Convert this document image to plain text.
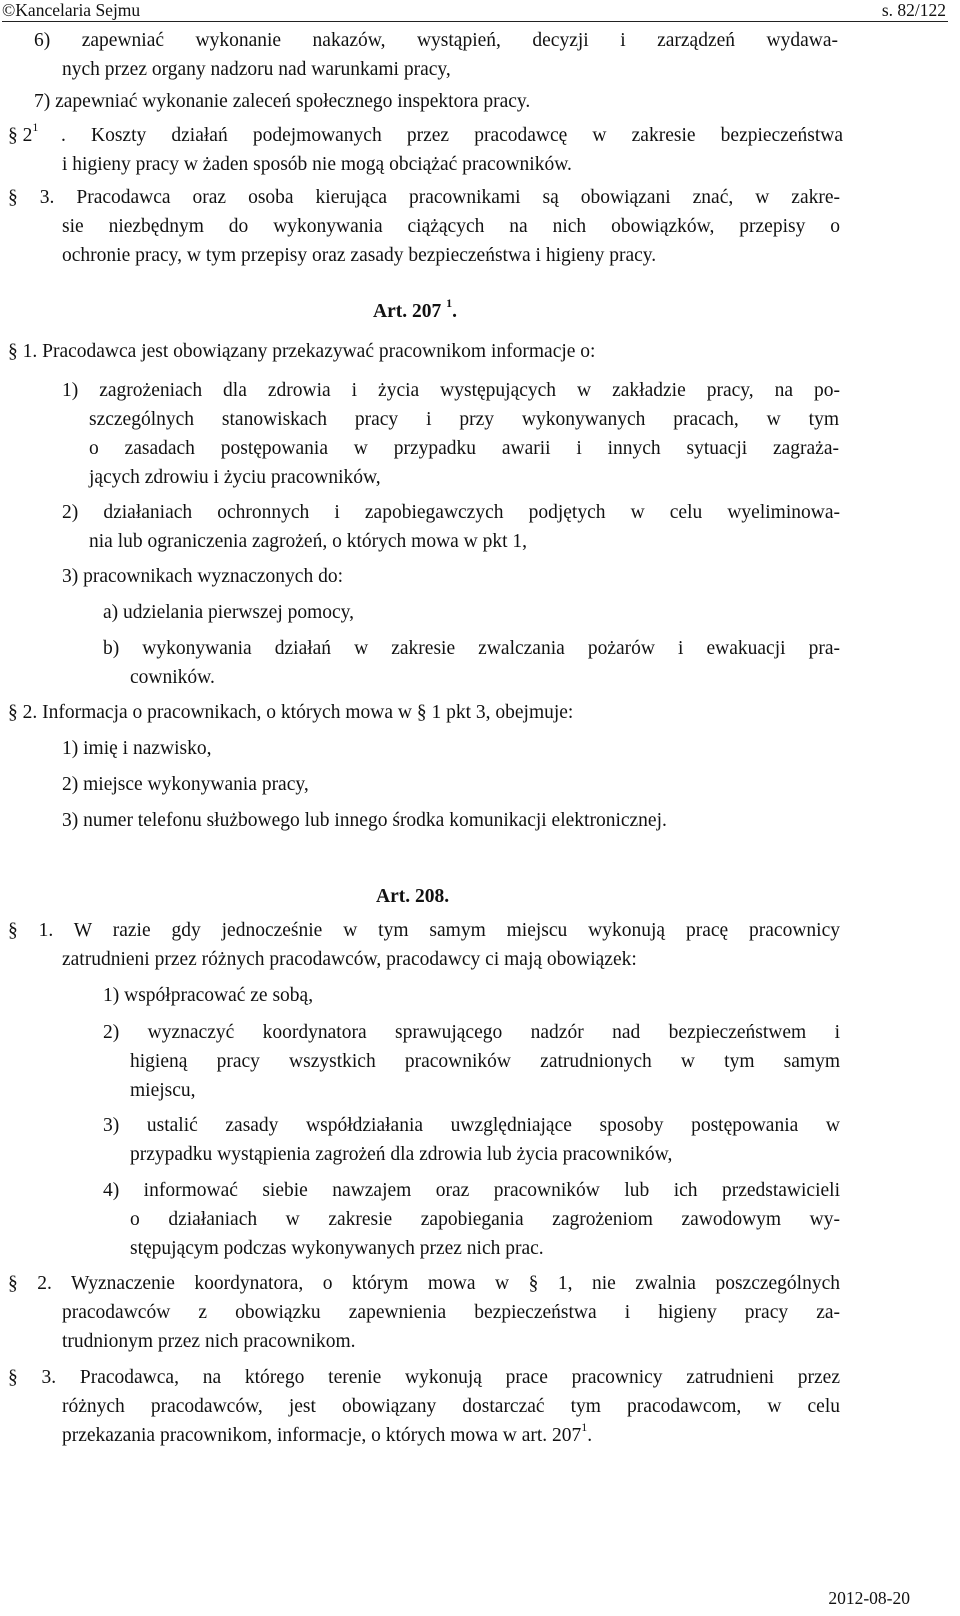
©Kancelaria Sejmu	s. 82/122
6) zapewniać wykonanie nakazów, wystąpień, decyzji i zarządzeń wydawa-
nych przez organy nadzoru nad warunkami pracy,
7) zapewniać wykonanie zaleceń społecznego inspektora pracy.
§ $2^1$ . Koszty działań podejmowanych przez pracodawcę w zakresie bezpieczeństwa
i higieny pracy w żaden sposób nie mogą obciążać pracowników.
§ 3. Pracodawca oraz osoba kierująca pracownikami są obowiązani znać, w zakre-
sie niezbędnym do wykonywania ciążących na nich obowiązków, przepisy o
ochronie pracy, w tym przepisy oraz zasady bezpieczeństwa i higieny pracy.
Art. 207 $^1$.
§ 1. Pracodawca jest obowiązany przekazywać pracownikom informacje o:
1) zagrożeniach dla zdrowia i życia występujących w zakładzie pracy, na po-
szczególnych stanowiskach pracy i przy wykonywanych pracach, w tym
o zasadach postępowania w przypadku awarii i innych sytuacji zagraża-
jących zdrowiu i życiu pracowników,
2) działaniach ochronnych i zapobiegawczych podjętych w celu wyeliminowa-
nia lub ograniczenia zagrożeń, o których mowa w pkt 1,
3) pracownikach wyznaczonych do:
a) udzielania pierwszej pomocy,
b) wykonywania działań w zakresie zwalczania pożarów i ewakuacji pra-
cowników.
§ 2. Informacja o pracownikach, o których mowa w § 1 pkt 3, obejmuje:
1) imię i nazwisko,
2) miejsce wykonywania pracy,
3) numer telefonu służbowego lub innego środka komunikacji elektronicznej.
Art. 208.
§ 1. W razie gdy jednocześnie w tym samym miejscu wykonują pracę pracownicy
zatrudnieni przez różnych pracodawców, pracodawcy ci mają obowiązek:
1) współpracować ze sobą,
2) wyznaczyć koordynatora sprawującego nadzór nad bezpieczeństwem i
higieną pracy wszystkich pracowników zatrudnionych w tym samym
miejscu,
3) ustalić zasady współdziałania uwzględniające sposoby postępowania w
przypadku wystąpienia zagrożeń dla zdrowia lub życia pracowników,
4) informować siebie nawzajem oraz pracowników lub ich przedstawicieli
o działaniach w zakresie zapobiegania zagrożeniom zawodowym wy-
stępującym podczas wykonywanych przez nich prac.
§ 2. Wyznaczenie koordynatora, o którym mowa w § 1, nie zwalnia poszczególnych
pracodawców z obowiązku zapewnienia bezpieczeństwa i higieny pracy za-
trudnionym przez nich pracownikom.
§ 3. Pracodawca, na którego terenie wykonują prace pracownicy zatrudnieni przez
różnych pracodawców, jest obowiązany dostarczać tym pracodawcom, w celu
przekazania pracownikom, informacje, o których mowa w art. $207^1$.
2012-08-20
